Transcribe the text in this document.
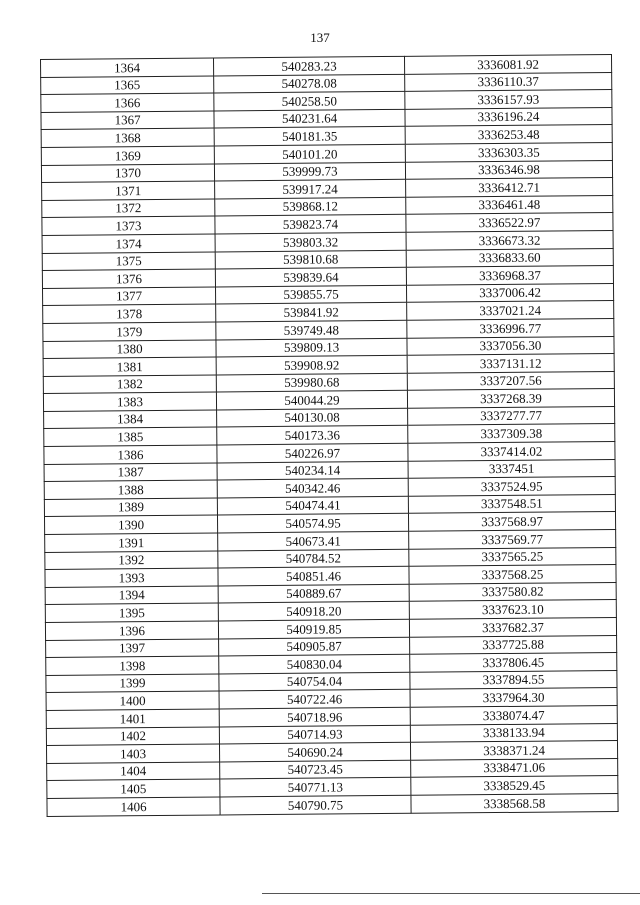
137
1364	540283.23	3336081.92
1365	540278.08	3336110.37
1366	540258.50	3336157.93
1367	540231.64	3336196.24
1368	540181.35	3336253.48
1369	540101.20	3336303.35
1370	539999.73	3336346.98
1371	539917.24	3336412.71
1372	539868.12	3336461.48
1373	539823.74	3336522.97
1374	539803.32	3336673.32
1375	539810.68	3336833.60
1376	539839.64	3336968.37
1377	539855.75	3337006.42
1378	539841.92	3337021.24
1379	539749.48	3336996.77
1380	539809.13	3337056.30
1381	539908.92	3337131.12
1382	539980.68	3337207.56
1383	540044.29	3337268.39
1384	540130.08	3337277.77
1385	540173.36	3337309.38
1386	540226.97	3337414.02
1387	540234.14	3337451
1388	540342.46	3337524.95
1389	540474.41	3337548.51
1390	540574.95	3337568.97
1391	540673.41	3337569.77
1392	540784.52	3337565.25
1393	540851.46	3337568.25
1394	540889.67	3337580.82
1395	540918.20	3337623.10
1396	540919.85	3337682.37
1397	540905.87	3337725.88
1398	540830.04	3337806.45
1399	540754.04	3337894.55
1400	540722.46	3337964.30
1401	540718.96	3338074.47
1402	540714.93	3338133.94
1403	540690.24	3338371.24
1404	540723.45	3338471.06
1405	540771.13	3338529.45
1406	540790.75	3338568.58
